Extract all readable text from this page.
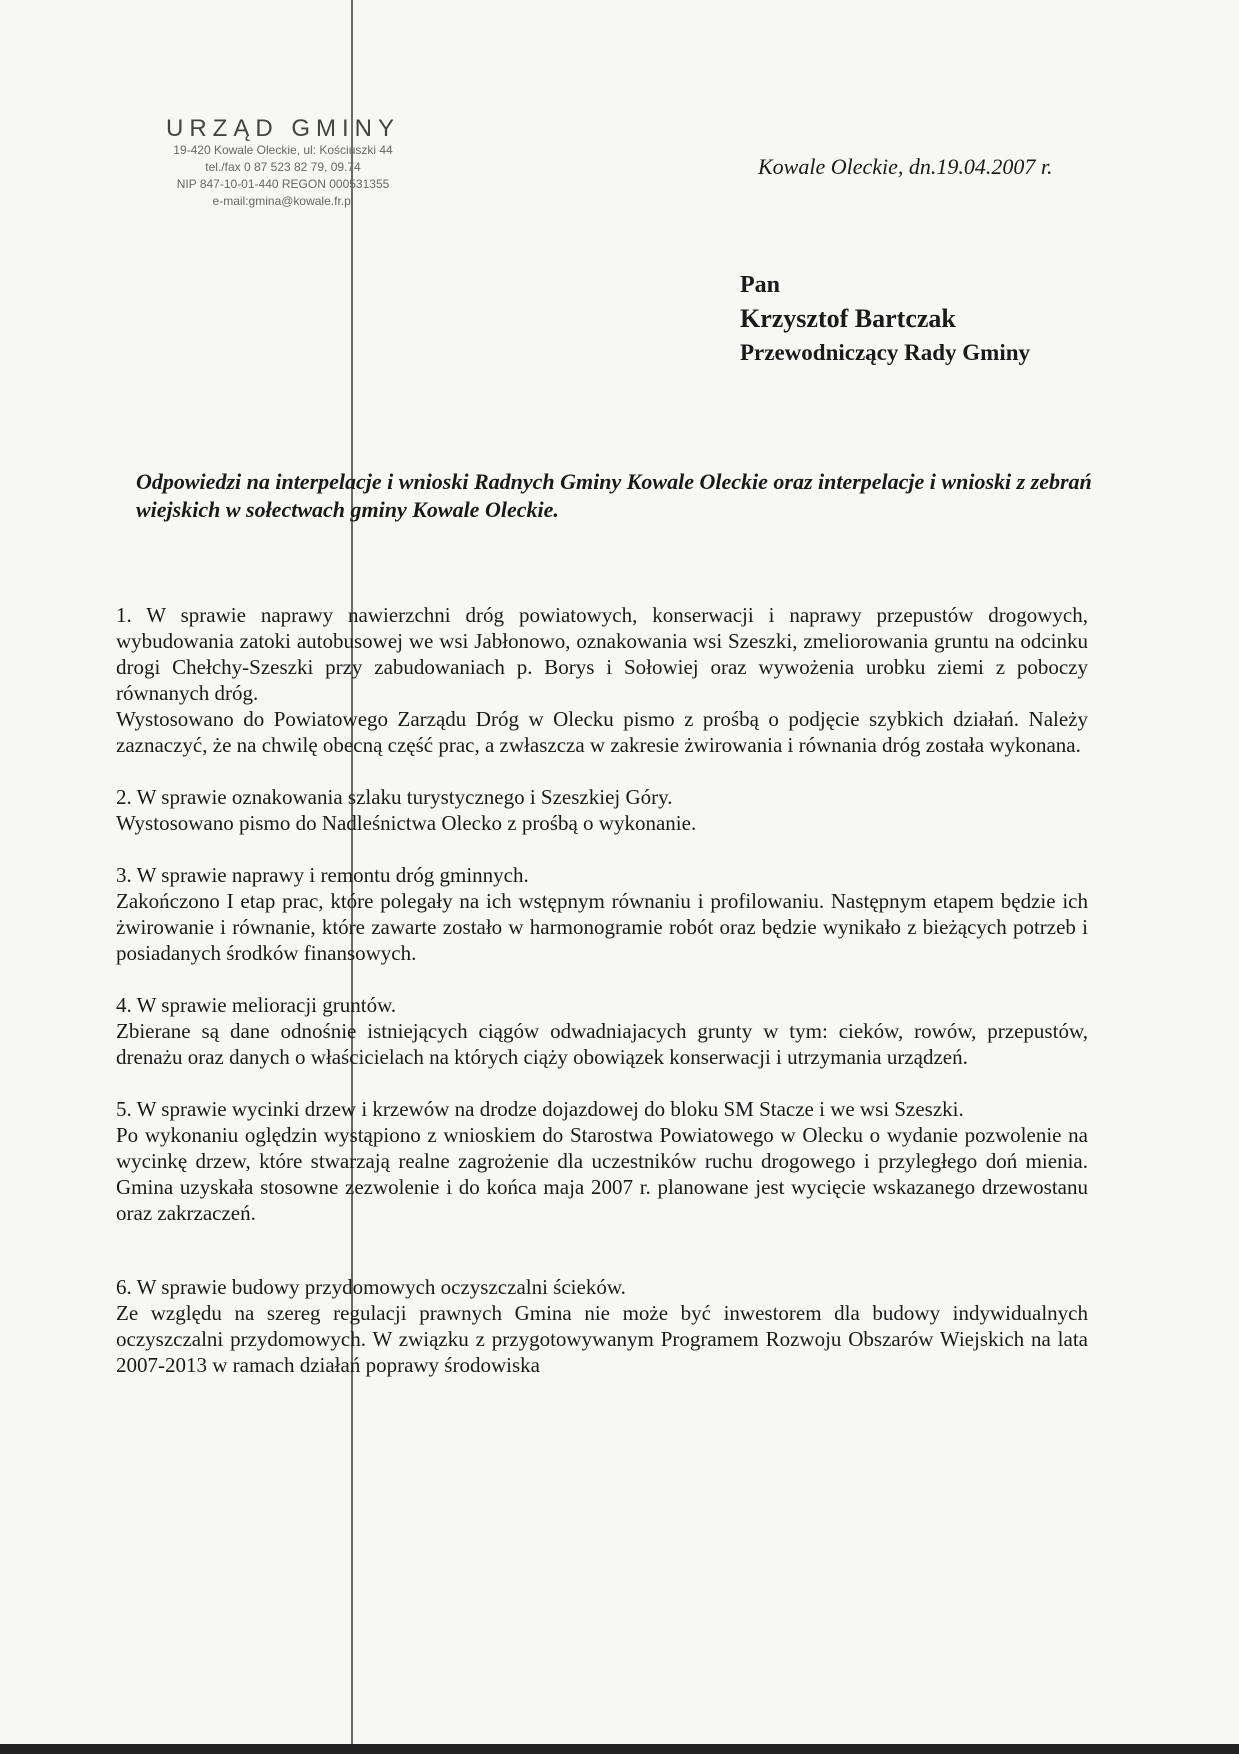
URZĄD GMINY
19-420 Kowale Oleckie, ul: Kościuszki 44
tel./fax 0 87 523 82 79, 09.74
NIP 847-10-01-440 REGON 000531355
e-mail:gmina@kowale.fr.pl
Kowale Oleckie, dn.19.04.2007 r.
Pan
Krzysztof Bartczak
Przewodniczący Rady Gminy
Odpowiedzi na interpelacje i wnioski Radnych Gminy Kowale Oleckie oraz interpelacje i wnioski z zebrań wiejskich w sołectwach gminy Kowale Oleckie.

1. W sprawie naprawy nawierzchni dróg powiatowych, konserwacji i naprawy przepustów drogowych, wybudowania zatoki autobusowej we wsi Jabłonowo, oznakowania wsi Szeszki, zmeliorowania gruntu na odcinku drogi Chełchy-Szeszki przy zabudowaniach p. Borys i Sołowiej oraz wywożenia urobku ziemi z poboczy równanych dróg.

Wystosowano do Powiatowego Zarządu Dróg w Olecku pismo z prośbą o podjęcie szybkich działań. Należy zaznaczyć, że na chwilę obecną część prac, a zwłaszcza w zakresie żwirowania i równania dróg została wykonana.

2. W sprawie oznakowania szlaku turystycznego i Szeszkiej Góry.

Wystosowano pismo do Nadleśnictwa Olecko z prośbą o wykonanie.

3. W sprawie naprawy i remontu dróg gminnych.

Zakończono I etap prac, które polegały na ich wstępnym równaniu i profilowaniu. Następnym etapem będzie ich żwirowanie i równanie, które zawarte zostało w harmonogramie robót oraz będzie wynikało z bieżących potrzeb i posiadanych środków finansowych.

4. W sprawie melioracji gruntów.

Zbierane są dane odnośnie istniejących ciągów odwadniajacych grunty w tym: cieków, rowów, przepustów, drenażu oraz danych o właścicielach na których ciąży obowiązek konserwacji i utrzymania urządzeń.

5. W sprawie wycinki drzew i krzewów na drodze dojazdowej do bloku SM Stacze i we wsi Szeszki.

Po wykonaniu oględzin wystąpiono z wnioskiem do Starostwa Powiatowego w Olecku o wydanie pozwolenie na wycinkę drzew, które stwarzają realne zagrożenie dla uczestników ruchu drogowego i przyległego doń mienia. Gmina uzyskała stosowne zezwolenie i do końca maja 2007 r. planowane jest wycięcie wskazanego drzewostanu oraz zakrzaczeń.

6. W sprawie budowy przydomowych oczyszczalni ścieków.

Ze względu na szereg regulacji prawnych Gmina nie może być inwestorem dla budowy indywidualnych oczyszczalni przydomowych. W związku z przygotowywanym Programem Rozwoju Obszarów Wiejskich na lata 2007-2013 w ramach działań poprawy środowiska
